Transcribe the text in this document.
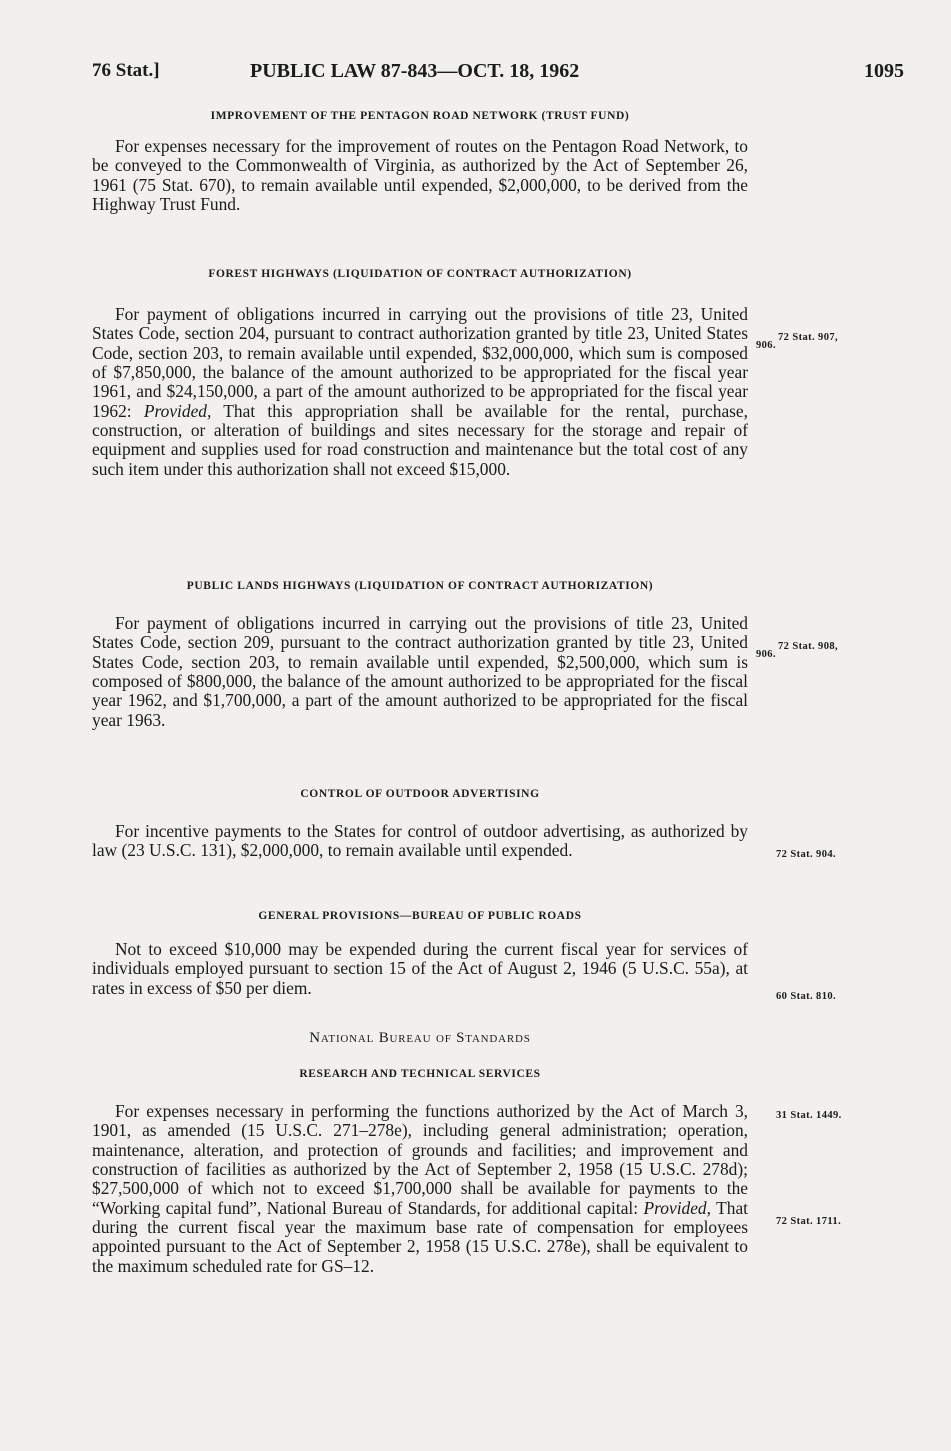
76 Stat.]	PUBLIC LAW 87-843—OCT. 18, 1962	1095
IMPROVEMENT OF THE PENTAGON ROAD NETWORK (TRUST FUND)

For expenses necessary for the improvement of routes on the Pentagon Road Network, to be conveyed to the Commonwealth of Virginia, as authorized by the Act of September 26, 1961 (75 Stat. 670), to remain available until expended, $2,000,000, to be derived from the Highway Trust Fund.

FOREST HIGHWAYS (LIQUIDATION OF CONTRACT AUTHORIZATION)

For payment of obligations incurred in carrying out the provisions of title 23, United States Code, section 204, pursuant to contract authorization granted by title 23, United States Code, section 203, to remain available until expended, $32,000,000, which sum is composed of $7,850,000, the balance of the amount authorized to be appropriated for the fiscal year 1961, and $24,150,000, a part of the amount authorized to be appropriated for the fiscal year 1962: Provided, That this appropriation shall be available for the rental, purchase, construction, or alteration of buildings and sites necessary for the storage and repair of equipment and supplies used for road construction and maintenance but the total cost of any such item under this authorization shall not exceed $15,000.

72 Stat. 907,
906.
PUBLIC LANDS HIGHWAYS (LIQUIDATION OF CONTRACT AUTHORIZATION)

For payment of obligations incurred in carrying out the provisions of title 23, United States Code, section 209, pursuant to the contract authorization granted by title 23, United States Code, section 203, to remain available until expended, $2,500,000, which sum is composed of $800,000, the balance of the amount authorized to be appropriated for the fiscal year 1962, and $1,700,000, a part of the amount authorized to be appropriated for the fiscal year 1963.

72 Stat. 908,
906.
CONTROL OF OUTDOOR ADVERTISING

For incentive payments to the States for control of outdoor advertising, as authorized by law (23 U.S.C. 131), $2,000,000, to remain available until expended.	72 Stat. 904.
GENERAL PROVISIONS—BUREAU OF PUBLIC ROADS

Not to exceed $10,000 may be expended during the current fiscal year for services of individuals employed pursuant to section 15 of the Act of August 2, 1946 (5 U.S.C. 55a), at rates in excess of $50 per diem.	60 Stat. 810.
National Bureau of Standards
RESEARCH AND TECHNICAL SERVICES

For expenses necessary in performing the functions authorized by the Act of March 3, 1901, as amended (15 U.S.C. 271–278e), including general administration; operation, maintenance, alteration, and protection of grounds and facilities; and improvement and construction of facilities as authorized by the Act of September 2, 1958 (15 U.S.C. 278d); $27,500,000 of which not to exceed $1,700,000 shall be available for payments to the “Working capital fund”, National Bureau of Standards, for additional capital: Provided, That during the current fiscal year the maximum base rate of compensation for employees appointed pursuant to the Act of September 2, 1958 (15 U.S.C. 278e), shall be equivalent to the maximum scheduled rate for GS–12.

31 Stat. 1449.
72 Stat. 1711.
